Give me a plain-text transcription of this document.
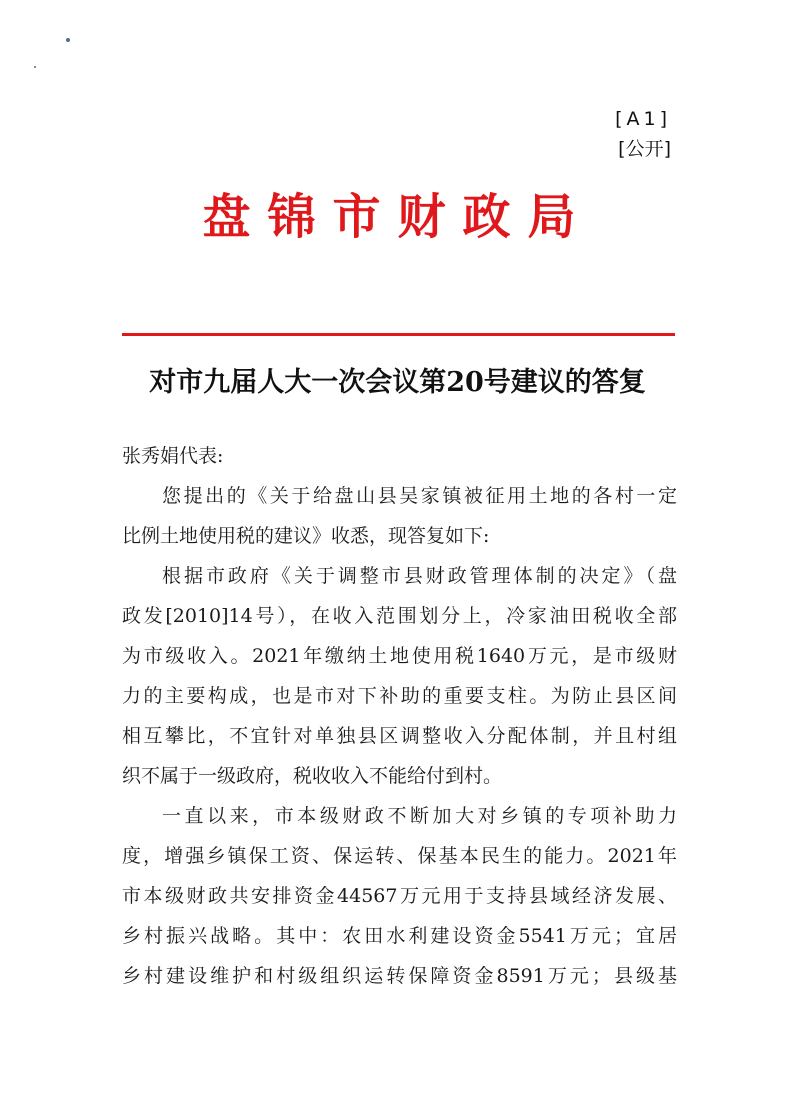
[A1]
[公开]
盘锦市财政局
对市九届人大一次会议第20号建议的答复
张秀娟代表:
您提出的《关于给盘山县吴家镇被征用土地的各村一定
比例土地使用税的建议》收悉，现答复如下:
根据市政府《关于调整市县财政管理体制的决定》（盘
政发[2010]14号），在收入范围划分上，冷家油田税收全部
为市级收入。2021年缴纳土地使用税1640万元，是市级财
力的主要构成，也是市对下补助的重要支柱。为防止县区间
相互攀比，不宜针对单独县区调整收入分配体制，并且村组
织不属于一级政府，税收收入不能给付到村。
一直以来，市本级财政不断加大对乡镇的专项补助力
度，增强乡镇保工资、保运转、保基本民生的能力。2021年
市本级财政共安排资金44567万元用于支持县域经济发展、
乡村振兴战略。其中：农田水利建设资金5541万元；宜居
乡村建设维护和村级组织运转保障资金8591万元；县级基
